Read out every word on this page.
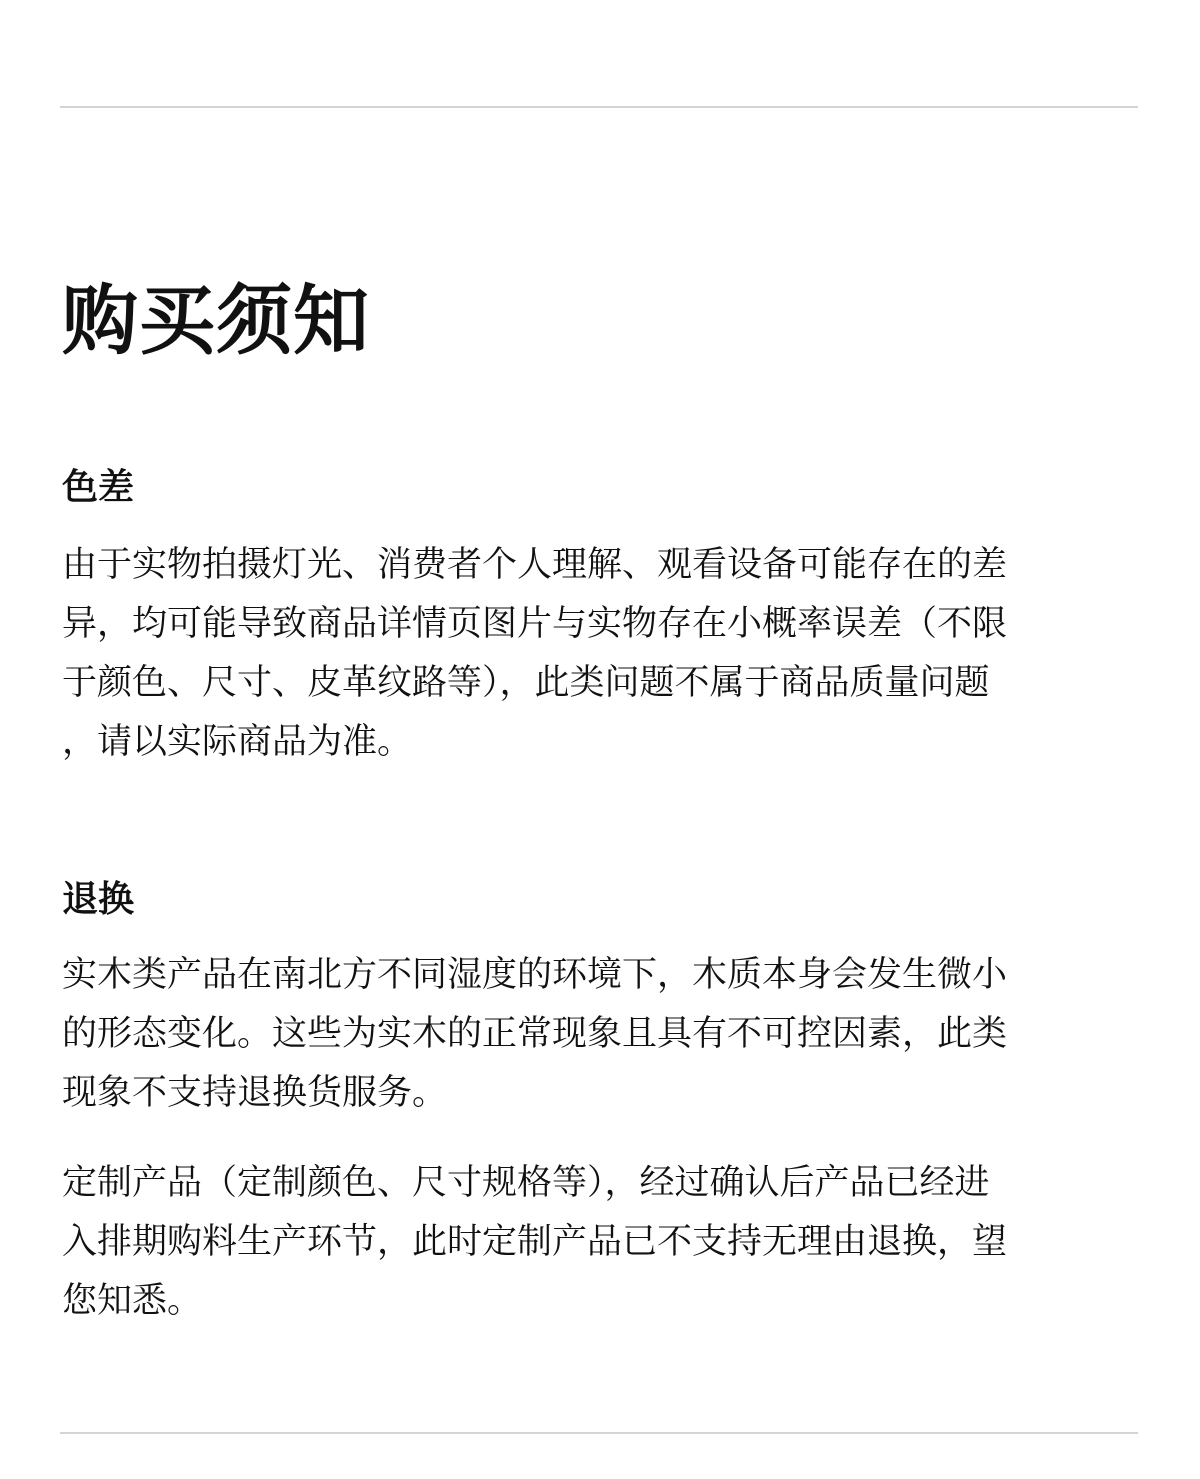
购买须知
色差
由于实物拍摄灯光、消费者个人理解、观看设备可能存在的差
异，均可能导致商品详情页图片与实物存在小概率误差（不限
于颜色、尺寸、皮革纹路等），此类问题不属于商品质量问题
，请以实际商品为准。
退换
实木类产品在南北方不同湿度的环境下，木质本身会发生微小
的形态变化。这些为实木的正常现象且具有不可控因素，此类
现象不支持退换货服务。
定制产品（定制颜色、尺寸规格等），经过确认后产品已经进
入排期购料生产环节，此时定制产品已不支持无理由退换，望
您知悉。
